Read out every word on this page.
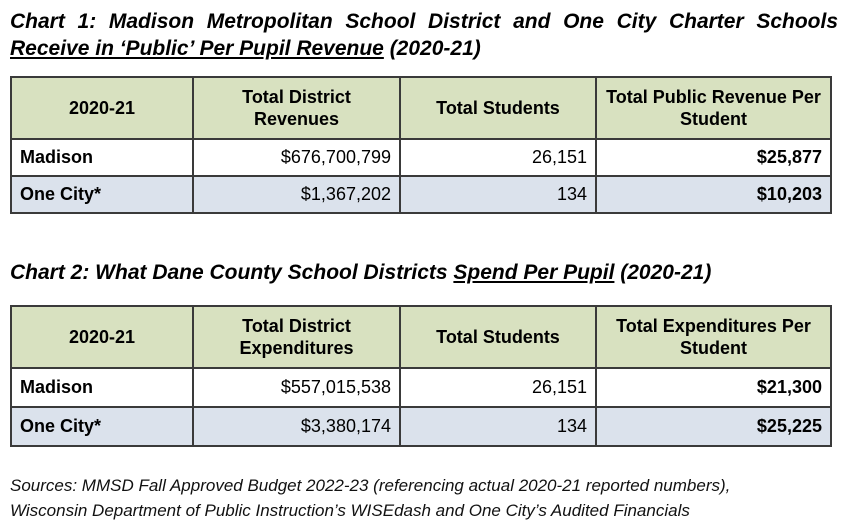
Chart 1: Madison Metropolitan School District and One City Charter Schools
Receive in ‘Public’ Per Pupil Revenue (2020-21)
2020-21	Total District Revenues	Total Students	Total Public Revenue Per Student
Madison	$676,700,799	26,151	$25,877
One City*	$1,367,202	134	$10,203
Chart 2: What Dane County School Districts Spend Per Pupil (2020-21)
2020-21	Total District Expenditures	Total Students	Total Expenditures Per Student
Madison	$557,015,538	26,151	$21,300
One City*	$3,380,174	134	$25,225
Sources: MMSD Fall Approved Budget 2022-23 (referencing actual 2020-21 reported numbers),
Wisconsin Department of Public Instruction’s WISEdash and One City’s Audited Financials
